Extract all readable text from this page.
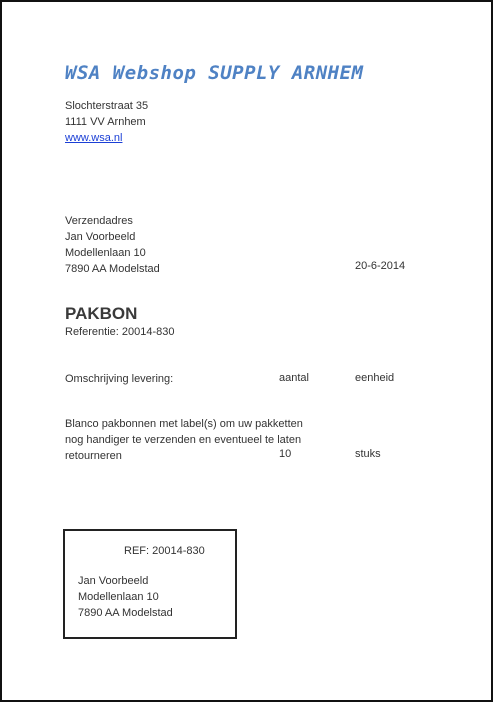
WSA Webshop SUPPLY ARNHEM
Slochterstraat 35
1111 VV Arnhem
www.wsa.nl
Verzendadres
Jan Voorbeeld
Modellenlaan 10
7890 AA Modelstad	20-6-2014
PAKBON
Referentie: 20014-830
Omschrijving levering:	aantal	eenheid
Blanco pakbonnen met label(s) om uw pakketten
nog handiger te verzenden en eventueel te laten
retourneren	10	stuks
REF: 20014-830
Jan Voorbeeld
Modellenlaan 10
7890 AA Modelstad
